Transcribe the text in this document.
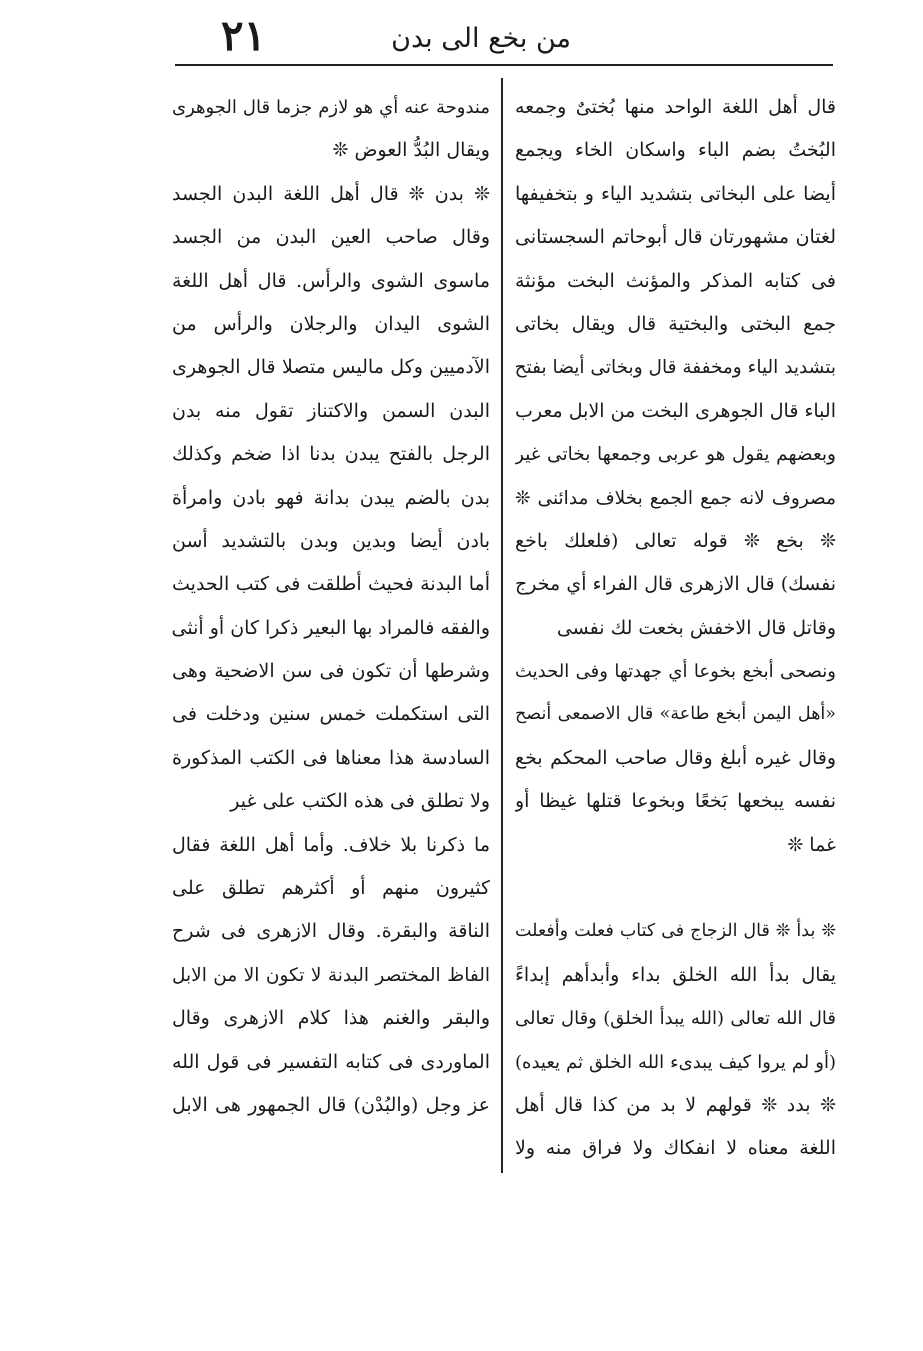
من بخع الى بدن
٢١
قال أهل اللغة الواحد منها بُختىٌ وجمعه
البُختُ بضم الباء واسكان الخاء ويجمع
أيضا على البخاتى بتشديد الياء و بتخفيفها
لغتان مشهورتان قال أبوحاتم السجستانى
فى كتابه المذكر والمؤنث البخت مؤنثة
جمع البختى والبختية قال ويقال بخاتى
بتشديد الياء ومخففة قال وبخاتى أيضا بفتح
الباء قال الجوهرى البخت من الابل معرب
وبعضهم يقول هو عربى وجمعها بخاتى غير
مصروف لانه جمع الجمع بخلاف مدائنى ❊
❊ بخع ❊ قوله تعالى (فلعلك باخع
نفسك) قال الازهرى قال الفراء أي مخرج
وقاتل قال الاخفش بخعت لك نفسى
ونصحى أبخع بخوعا أي جهدتها وفى الحديث
«أهل اليمن أبخع طاعة» قال الاصمعى أنصح
وقال غيره أبلغ وقال صاحب المحكم بخع
نفسه يبخعها بَخعًا وبخوعا قتلها غيظا أو
غما ❊
❊ بدأ ❊ قال الزجاج فى كتاب فعلت وأفعلت
يقال بدأ الله الخلق بداء وأبدأهم إبداءً
قال الله تعالى (الله يبدأ الخلق) وقال تعالى
(أو لم يروا كيف يبدىء الله الخلق ثم يعيده)
❊ بدد ❊ قولهم لا بد من كذا قال أهل
اللغة معناه لا انفكاك ولا فراق منه ولا
مندوحة عنه أي هو لازم جزما قال الجوهرى
ويقال البُدُّ العوض ❊
❊ بدن ❊ قال أهل اللغة البدن الجسد
وقال صاحب العين البدن من الجسد
ماسوى الشوى والرأس. قال أهل اللغة
الشوى اليدان والرجلان والرأس من
الآدميين وكل ماليس متصلا قال الجوهرى
البدن السمن والاكتناز تقول منه بدن
الرجل بالفتح يبدن بدنا اذا ضخم وكذلك
بدن بالضم يبدن بدانة فهو بادن وامرأة
بادن أيضا وبدين وبدن بالتشديد أسن
أما البدنة فحيث أطلقت فى كتب الحديث
والفقه فالمراد بها البعير ذكرا كان أو أنثى
وشرطها أن تكون فى سن الاضحية وهى
التى استكملت خمس سنين ودخلت فى
السادسة هذا معناها فى الكتب المذكورة
ولا تطلق فى هذه الكتب على غير
ما ذكرنا بلا خلاف. وأما أهل اللغة فقال
كثيرون منهم أو أكثرهم تطلق على
الناقة والبقرة. وقال الازهرى فى شرح
الفاظ المختصر البدنة لا تكون الا من الابل
والبقر والغنم هذا كلام الازهرى وقال
الماوردى فى كتابه التفسير فى قول الله
عز وجل (والبُدْن) قال الجمهور هى الابل
